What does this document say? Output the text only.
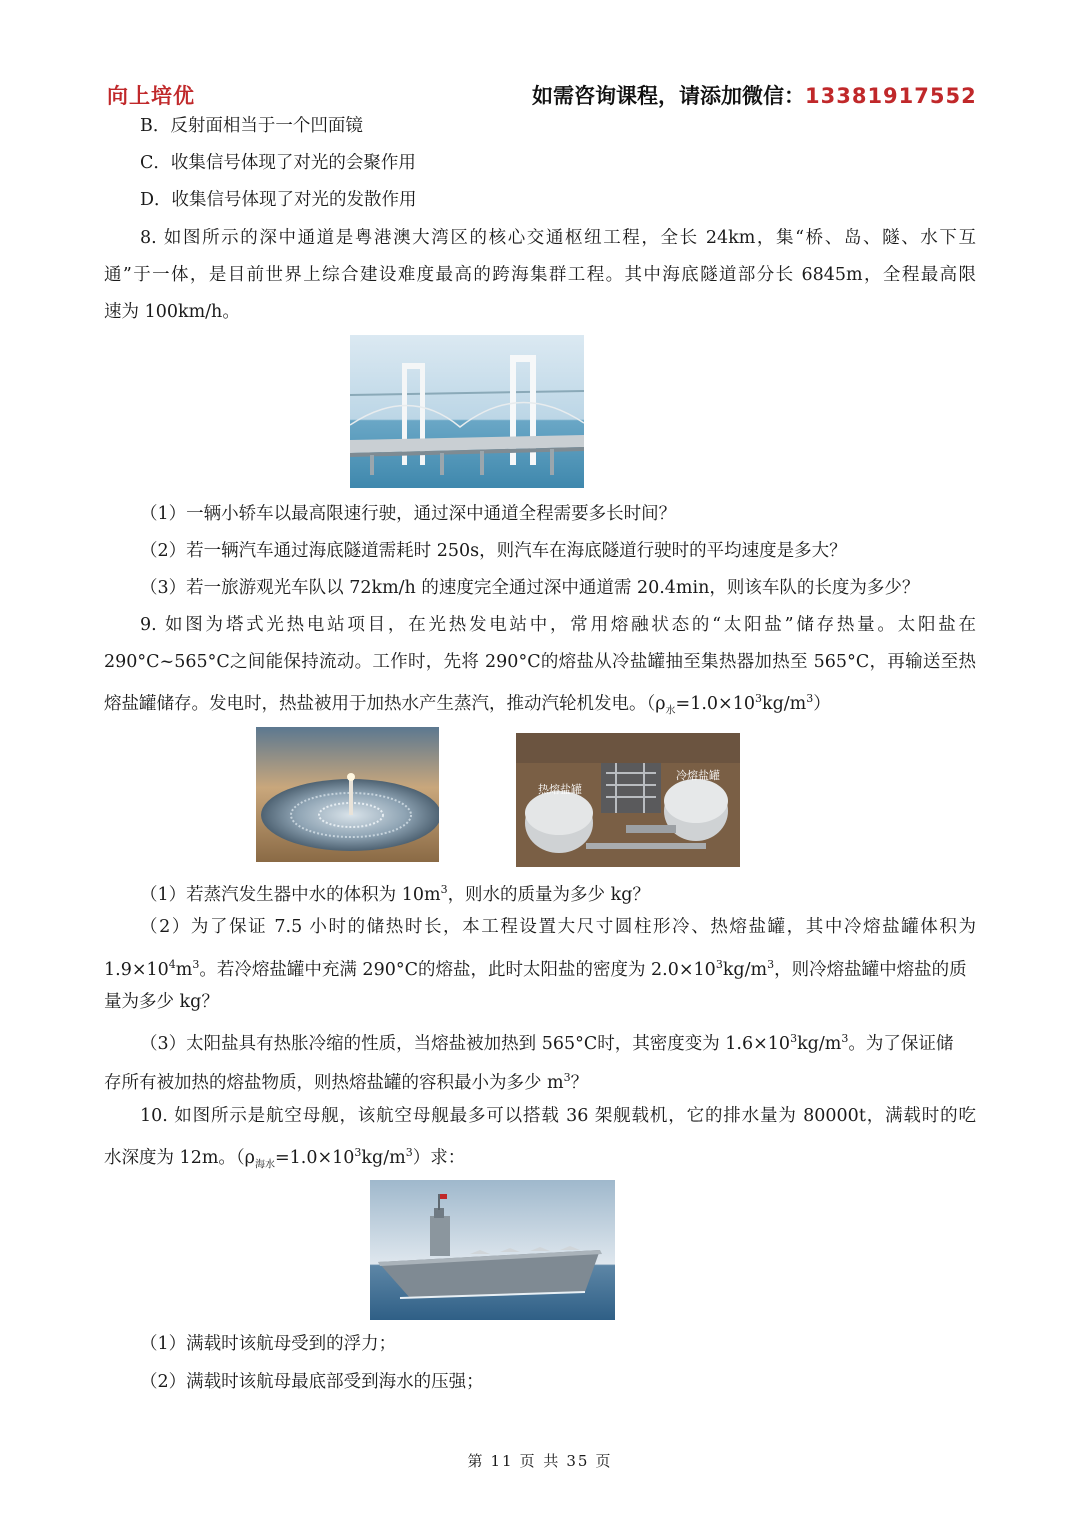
向上培优	如需咨询课程，请添加微信：13381917552
B．反射面相当于一个凹面镜
C．收集信号体现了对光的会聚作用
D．收集信号体现了对光的发散作用
8. 如图所示的深中通道是粤港澳大湾区的核心交通枢纽工程，全长 24km，集“桥、岛、隧、水下互
通”于一体，是目前世界上综合建设难度最高的跨海集群工程。其中海底隧道部分长 6845m，全程最高限
速为 100km/h。
（1）一辆小轿车以最高限速行驶，通过深中通道全程需要多长时间？
（2）若一辆汽车通过海底隧道需耗时 250s，则汽车在海底隧道行驶时的平均速度是多大？
（3）若一旅游观光车队以 72km/h 的速度完全通过深中通道需 20.4min，则该车队的长度为多少？
9. 如图为塔式光热电站项目，在光热发电站中，常用熔融状态的“太阳盐”储存热量。太阳盐在
290°C~565°C之间能保持流动。工作时，先将 290°C的熔盐从冷盐罐抽至集热器加热至 565°C，再输送至热
熔盐罐储存。发电时，热盐被用于加热水产生蒸汽，推动汽轮机发电。$(\rho_水=1.0\times 10^3kg/m^3)$
热熔盐罐
冷熔盐罐
（1）若蒸汽发生器中水的体积为 $10m^3$，则水的质量为多少 kg？
（2）为了保证 7.5 小时的储热时长，本工程设置大尺寸圆柱形冷、热熔盐罐，其中冷熔盐罐体积为
$1.9\times 10^4m^3$。若冷熔盐罐中充满 290°C的熔盐，此时太阳盐的密度为 $2.0\times 10^3kg/m^3$，则冷熔盐罐中熔盐的质
量为多少 kg？
（3）太阳盐具有热胀冷缩的性质，当熔盐被加热到 565°C时，其密度变为 $1.6\times 10^3kg/m^3$。为了保证储
存所有被加热的熔盐物质，则热熔盐罐的容积最小为多少 $m^3$？
10. 如图所示是航空母舰，该航空母舰最多可以搭载 36 架舰载机，它的排水量为 80000t，满载时的吃
水深度为 12m。$(\rho_{海水}=1.0\times 10^3kg/m^3)$求：
（1）满载时该航母受到的浮力；
（2）满载时该航母最底部受到海水的压强；
第 11 页 共 35 页
